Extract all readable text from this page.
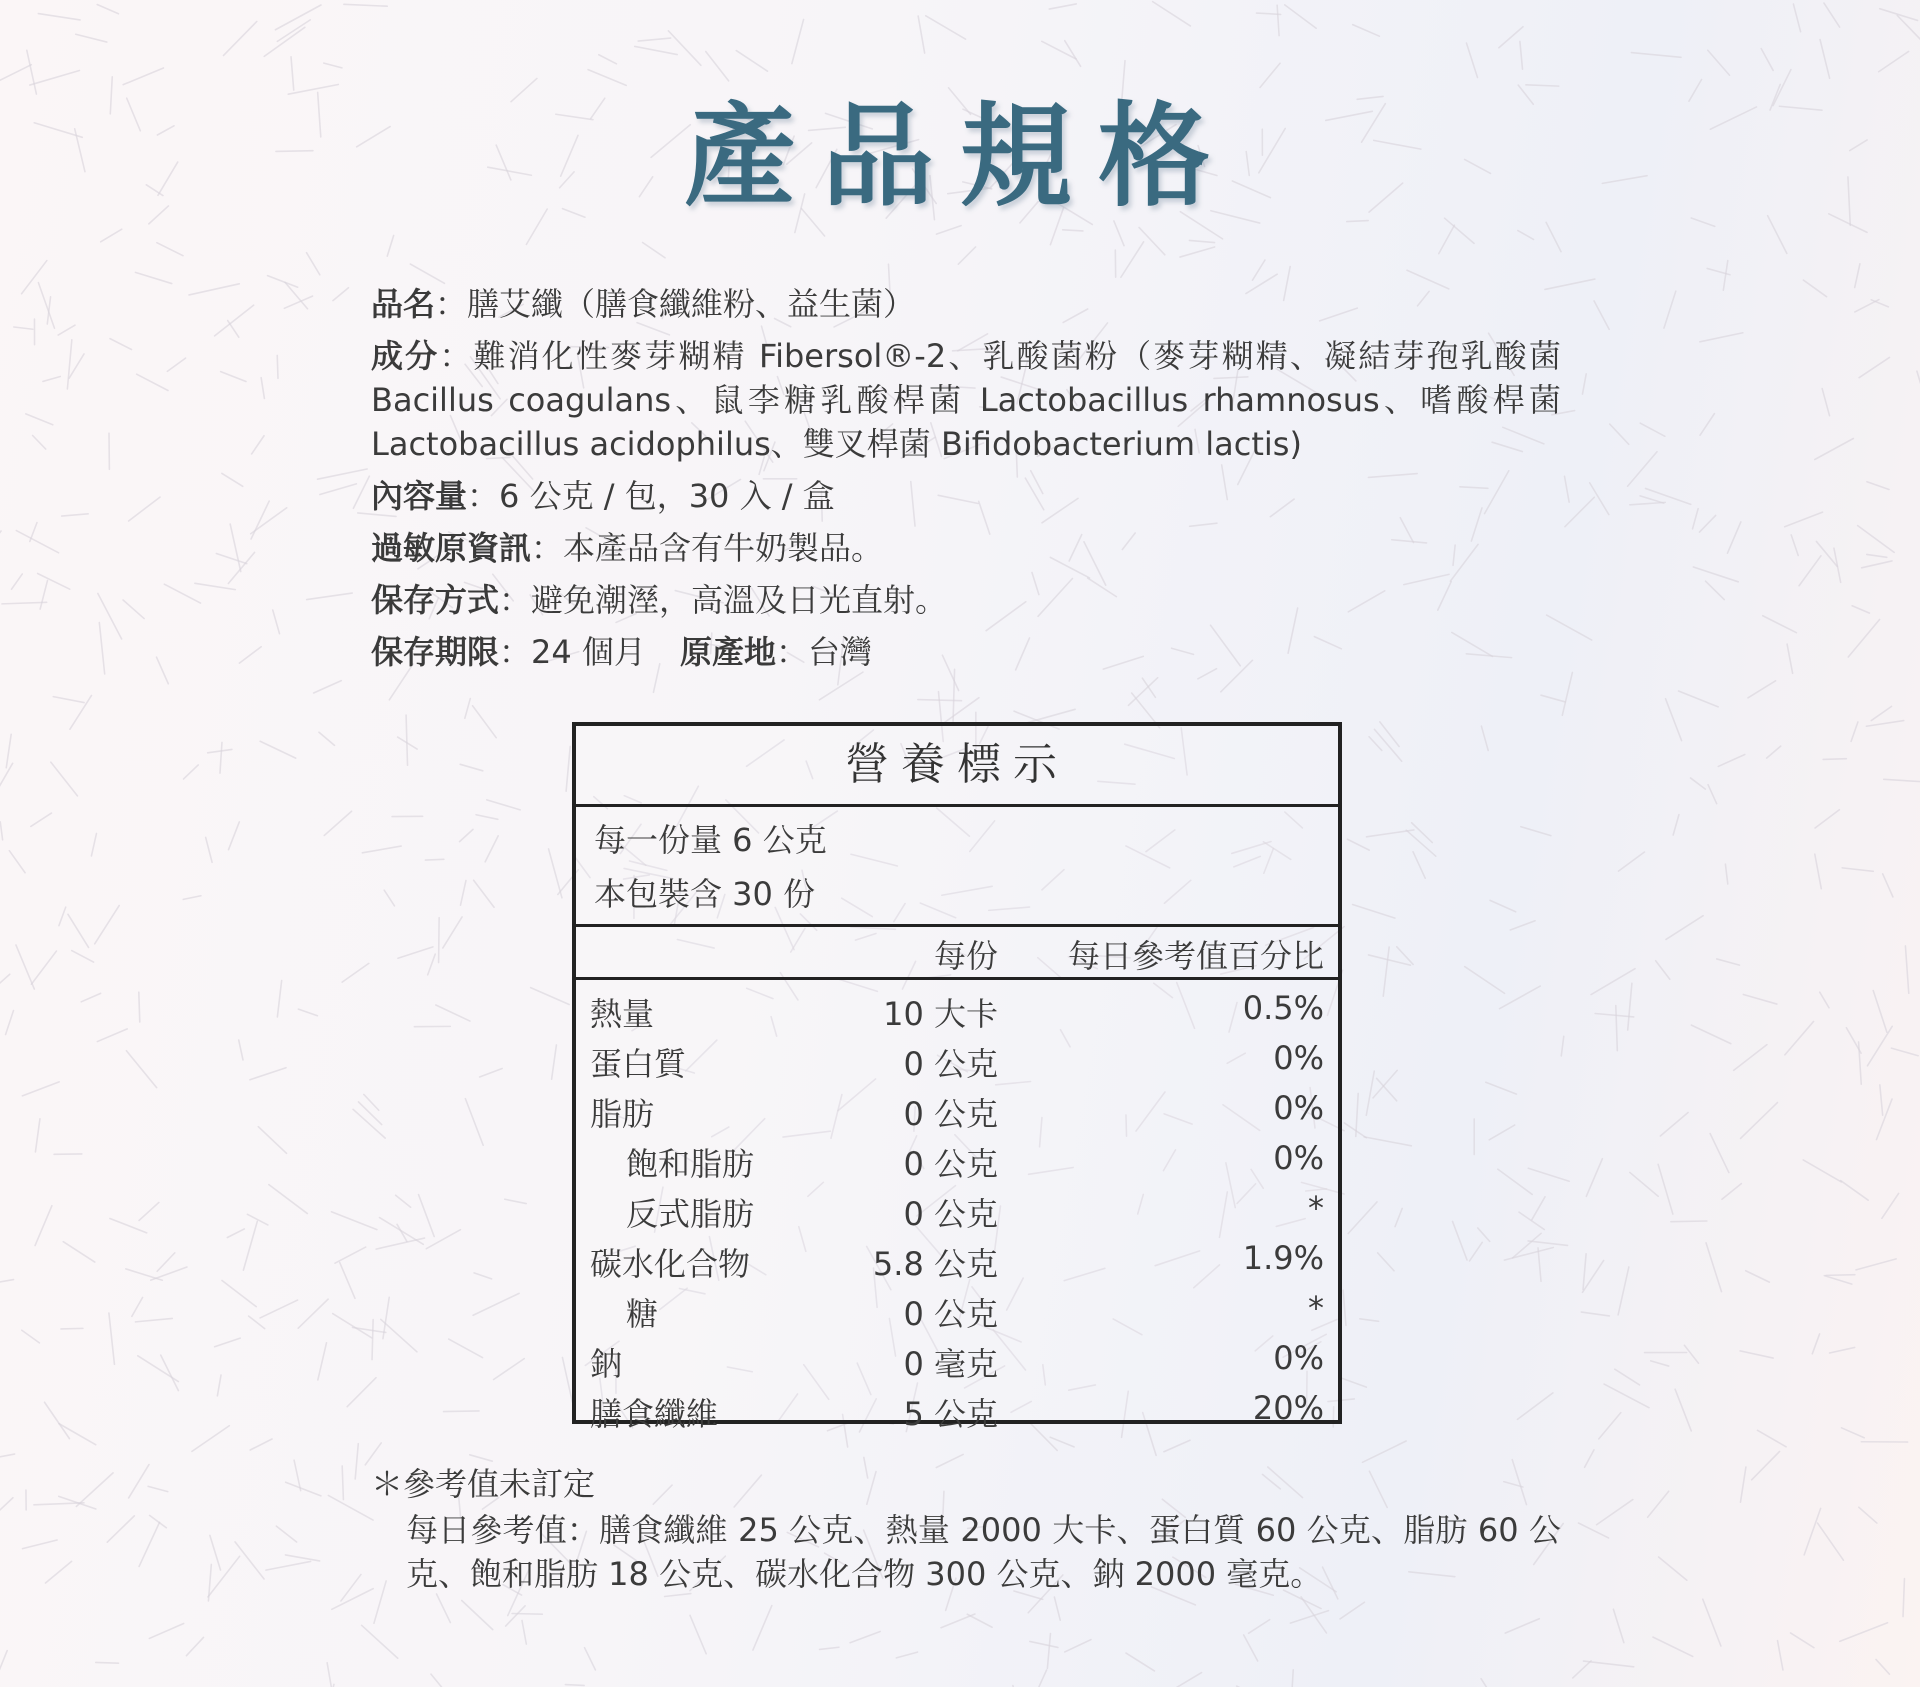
產品規格
品名：膳艾纖（膳食纖維粉、益生菌）
成分：難消化性麥芽糊精 Fibersol®-2、乳酸菌粉（麥芽糊精、凝結芽孢乳酸菌 Bacillus coagulans、鼠李糖乳酸桿菌 Lactobacillus rhamnosus、嗜酸桿菌 Lactobacillus acidophilus、雙叉桿菌 Bifidobacterium lactis)
內容量：6 公克 / 包，30 入 / 盒
過敏原資訊：本產品含有牛奶製品。
保存方式：避免潮溼，高溫及日光直射。
保存期限：24 個月 原產地：台灣
營養標示
每一份量 6 公克
本包裝含 30 份
每份 每日參考值百分比
熱量	10 大卡	0.5%
蛋白質	0 公克	0%
脂肪	0 公克	0%
飽和脂肪	0 公克	0%
反式脂肪	0 公克	*
碳水化合物	5.8 公克	1.9%
糖	0 公克	*
鈉	0 毫克	0%
膳食纖維	5 公克	20%
＊參考值未訂定
每日參考值：膳食纖維 25 公克、熱量 2000 大卡、蛋白質 60 公克、脂肪 60 公克、飽和脂肪 18 公克、碳水化合物 300 公克、鈉 2000 毫克。
